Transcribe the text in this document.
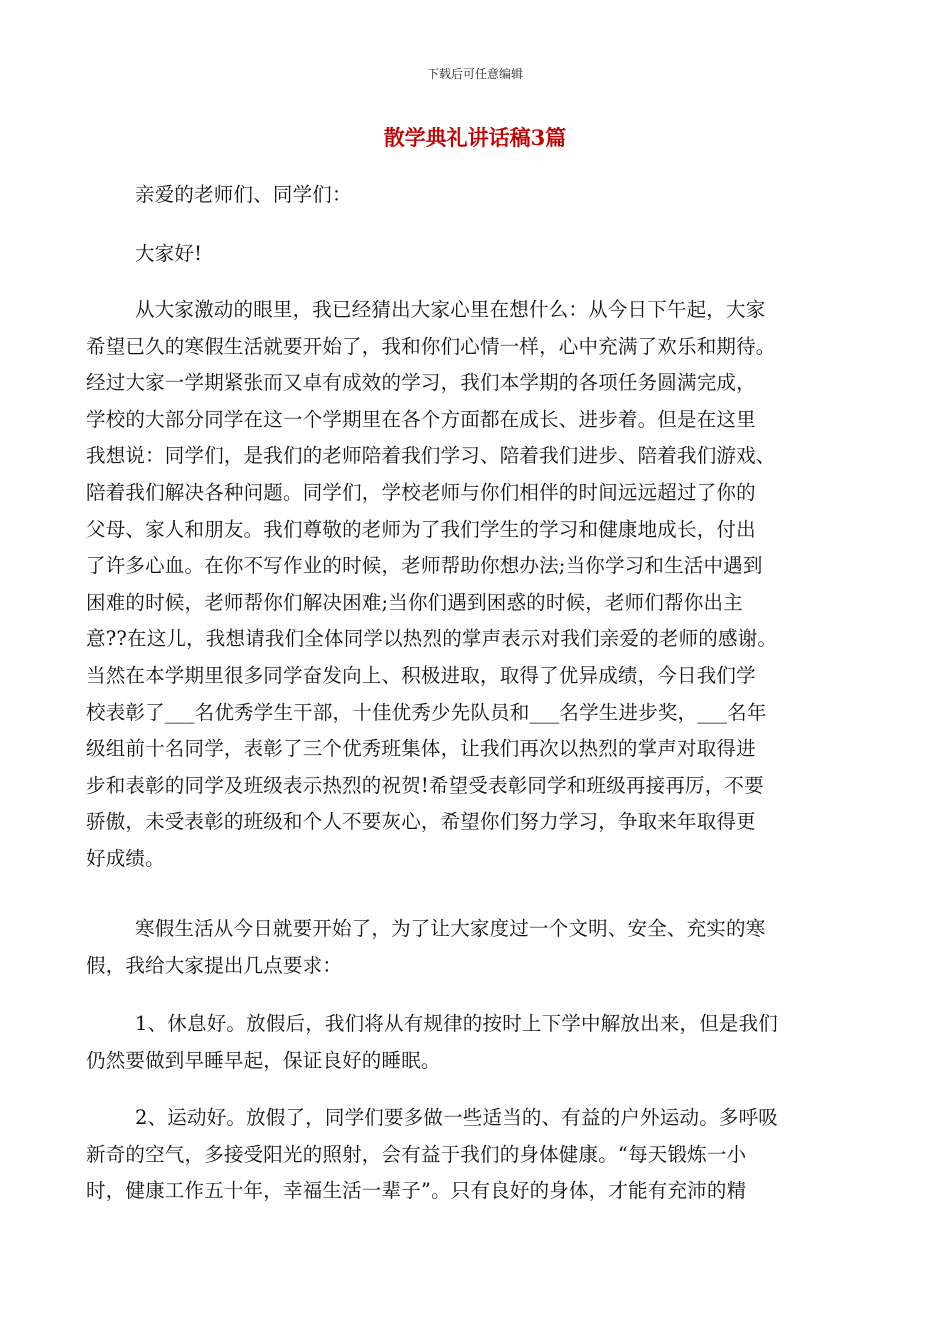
下载后可任意编辑
散学典礼讲话稿3篇
亲爱的老师们、同学们：
大家好!
从大家激动的眼里，我已经猜出大家心里在想什么：从今日下午起，大家
希望已久的寒假生活就要开始了，我和你们心情一样，心中充满了欢乐和期待。
经过大家一学期紧张而又卓有成效的学习，我们本学期的各项任务圆满完成，
学校的大部分同学在这一个学期里在各个方面都在成长、进步着。但是在这里
我想说：同学们，是我们的老师陪着我们学习、陪着我们进步、陪着我们游戏、
陪着我们解决各种问题。同学们，学校老师与你们相伴的时间远远超过了你的
父母、家人和朋友。我们尊敬的老师为了我们学生的学习和健康地成长，付出
了许多心血。在你不写作业的时候，老师帮助你想办法;当你学习和生活中遇到
困难的时候，老师帮你们解决困难;当你们遇到困惑的时候，老师们帮你出主
意??在这儿，我想请我们全体同学以热烈的掌声表示对我们亲爱的老师的感谢。
当然在本学期里很多同学奋发向上、积极进取，取得了优异成绩，今日我们学
校表彰了___名优秀学生干部，十佳优秀少先队员和___名学生进步奖，___名年
级组前十名同学，表彰了三个优秀班集体，让我们再次以热烈的掌声对取得进
步和表彰的同学及班级表示热烈的祝贺!希望受表彰同学和班级再接再厉，不要
骄傲，未受表彰的班级和个人不要灰心，希望你们努力学习，争取来年取得更
好成绩。
寒假生活从今日就要开始了，为了让大家度过一个文明、安全、充实的寒
假，我给大家提出几点要求：
1、休息好。放假后，我们将从有规律的按时上下学中解放出来，但是我们
仍然要做到早睡早起，保证良好的睡眠。
2、运动好。放假了，同学们要多做一些适当的、有益的户外运动。多呼吸
新奇的空气，多接受阳光的照射，会有益于我们的身体健康。“每天锻炼一小
时，健康工作五十年，幸福生活一辈子”。只有良好的身体，才能有充沛的精
